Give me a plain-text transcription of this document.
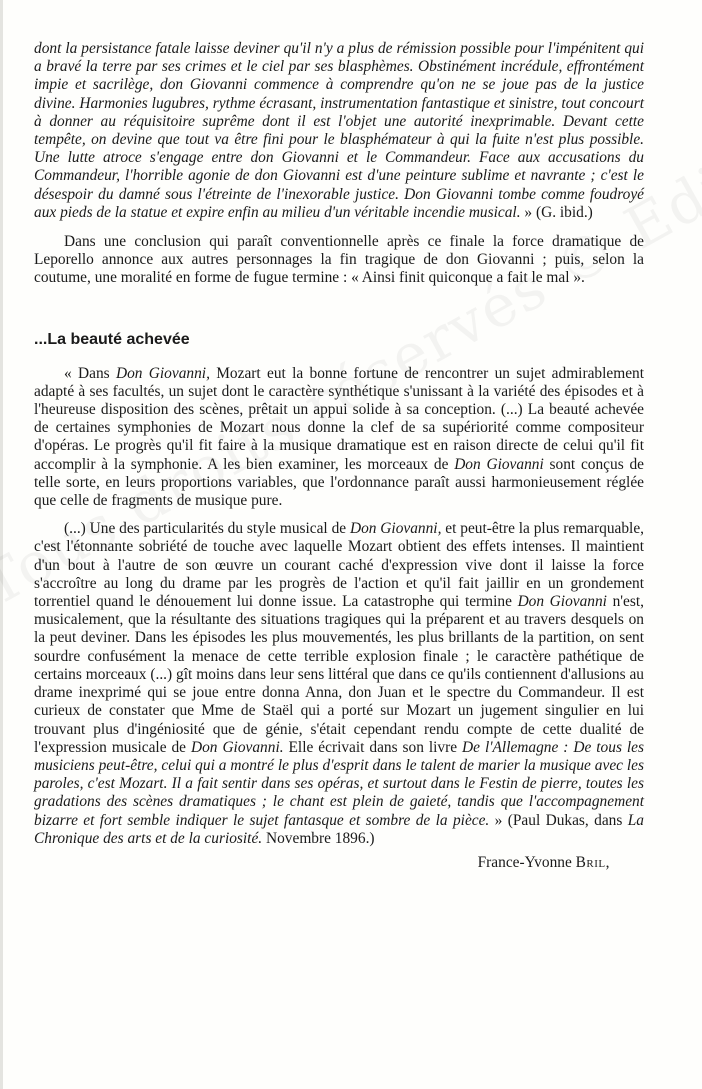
dont la persistance fatale laisse deviner qu'il n'y a plus de rémission possible pour l'impénitent qui a bravé la terre par ses crimes et le ciel par ses blasphèmes. Obstinément incrédule, effrontément impie et sacrilège, don Giovanni commence à comprendre qu'on ne se joue pas de la justice divine. Harmonies lugubres, rythme écrasant, instrumentation fantastique et sinistre, tout concourt à donner au réquisitoire suprême dont il est l'objet une autorité inexprimable. Devant cette tempête, on devine que tout va être fini pour le blasphémateur à qui la fuite n'est plus possible. Une lutte atroce s'engage entre don Giovanni et le Commandeur. Face aux accusations du Commandeur, l'horrible agonie de don Giovanni est d'une peinture sublime et navrante ; c'est le désespoir du damné sous l'étreinte de l'inexorable justice. Don Giovanni tombe comme foudroyé aux pieds de la statue et expire enfin au milieu d'un véritable incendie musical. » (G. ibid.)

Dans une conclusion qui paraît conventionnelle après ce finale la force dramatique de Leporello annonce aux autres personnages la fin tragique de don Giovanni ; puis, selon la coutume, une moralité en forme de fugue termine : « Ainsi finit quiconque a fait le mal ».

...La beauté achevée

« Dans Don Giovanni, Mozart eut la bonne fortune de rencontrer un sujet admirablement adapté à ses facultés, un sujet dont le caractère synthétique s'unissant à la variété des épisodes et à l'heureuse disposition des scènes, prêtait un appui solide à sa conception. (...) La beauté achevée de certaines symphonies de Mozart nous donne la clef de sa supériorité comme compositeur d'opéras. Le progrès qu'il fit faire à la musique dramatique est en raison directe de celui qu'il fit accomplir à la symphonie. A les bien examiner, les morceaux de Don Giovanni sont conçus de telle sorte, en leurs proportions variables, que l'ordonnance paraît aussi harmonieusement réglée que celle de fragments de musique pure.

(...) Une des particularités du style musical de Don Giovanni, et peut-être la plus remarquable, c'est l'étonnante sobriété de touche avec laquelle Mozart obtient des effets intenses. Il maintient d'un bout à l'autre de son œuvre un courant caché d'expression vive dont il laisse la force s'accroître au long du drame par les progrès de l'action et qu'il fait jaillir en un grondement torrentiel quand le dénouement lui donne issue. La catastrophe qui termine Don Giovanni n'est, musicalement, que la résultante des situations tragiques qui la préparent et au travers desquels on la peut deviner. Dans les épisodes les plus mouvementés, les plus brillants de la partition, on sent sourdre confusément la menace de cette terrible explosion finale ; le caractère pathétique de certains morceaux (...) gît moins dans leur sens littéral que dans ce qu'ils contiennent d'allusions au drame inexprimé qui se joue entre donna Anna, don Juan et le spectre du Commandeur. Il est curieux de constater que Mme de Staël qui a porté sur Mozart un jugement singulier en lui trouvant plus d'ingéniosité que de génie, s'était cependant rendu compte de cette dualité de l'expression musicale de Don Giovanni. Elle écrivait dans son livre De l'Allemagne : De tous les musiciens peut-être, celui qui a montré le plus d'esprit dans le talent de marier la musique avec les paroles, c'est Mozart. Il a fait sentir dans ses opéras, et surtout dans le Festin de pierre, toutes les gradations des scènes dramatiques ; le chant est plein de gaieté, tandis que l'accompagnement bizarre et fort semble indiquer le sujet fantasque et sombre de la pièce. » (Paul Dukas, dans La Chronique des arts et de la curiosité. Novembre 1896.)

France-Yvonne Bril,
